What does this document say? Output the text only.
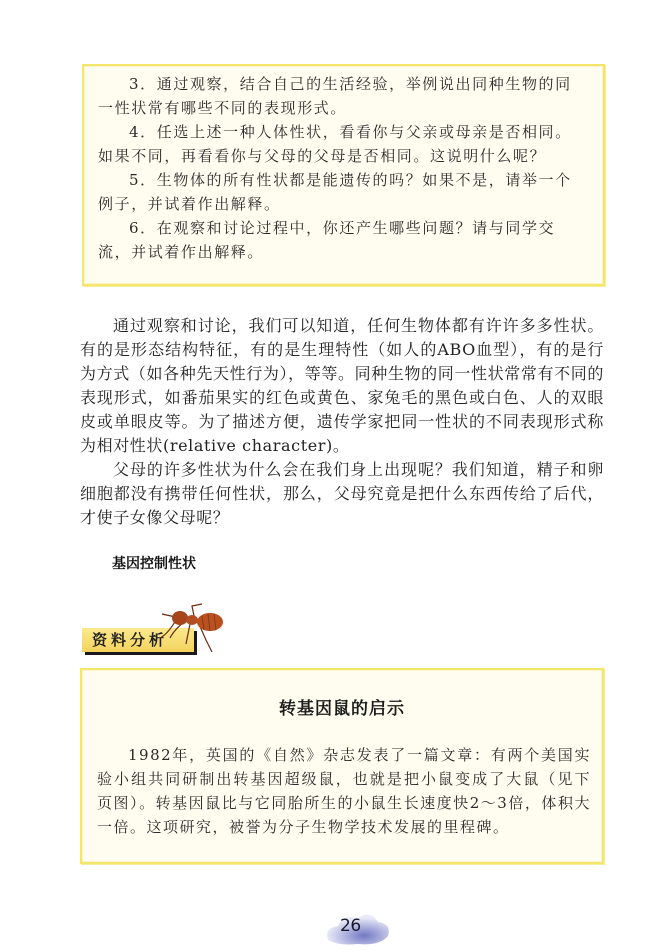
3．通过观察，结合自己的生活经验，举例说出同种生物的同一性状常有哪些不同的表现形式。

4．任选上述一种人体性状，看看你与父亲或母亲是否相同。如果不同，再看看你与父母的父母是否相同。这说明什么呢？

5．生物体的所有性状都是能遗传的吗？如果不是，请举一个例子，并试着作出解释。

6．在观察和讨论过程中，你还产生哪些问题？请与同学交流，并试着作出解释。

通过观察和讨论，我们可以知道，任何生物体都有许许多多性状。有的是形态结构特征，有的是生理特性（如人的ABO血型），有的是行为方式（如各种先天性行为），等等。同种生物的同一性状常常有不同的表现形式，如番茄果实的红色或黄色、家兔毛的黑色或白色、人的双眼皮或单眼皮等。为了描述方便，遗传学家把同一性状的不同表现形式称为相对性状(relative character)。

父母的许多性状为什么会在我们身上出现呢？我们知道，精子和卵细胞都没有携带任何性状，那么，父母究竟是把什么东西传给了后代，才使子女像父母呢？

基因控制性状
资料分析
转基因鼠的启示

1982年，英国的《自然》杂志发表了一篇文章：有两个美国实验小组共同研制出转基因超级鼠，也就是把小鼠变成了大鼠（见下页图）。转基因鼠比与它同胎所生的小鼠生长速度快2～3倍，体积大一倍。这项研究，被誉为分子生物学技术发展的里程碑。

26
